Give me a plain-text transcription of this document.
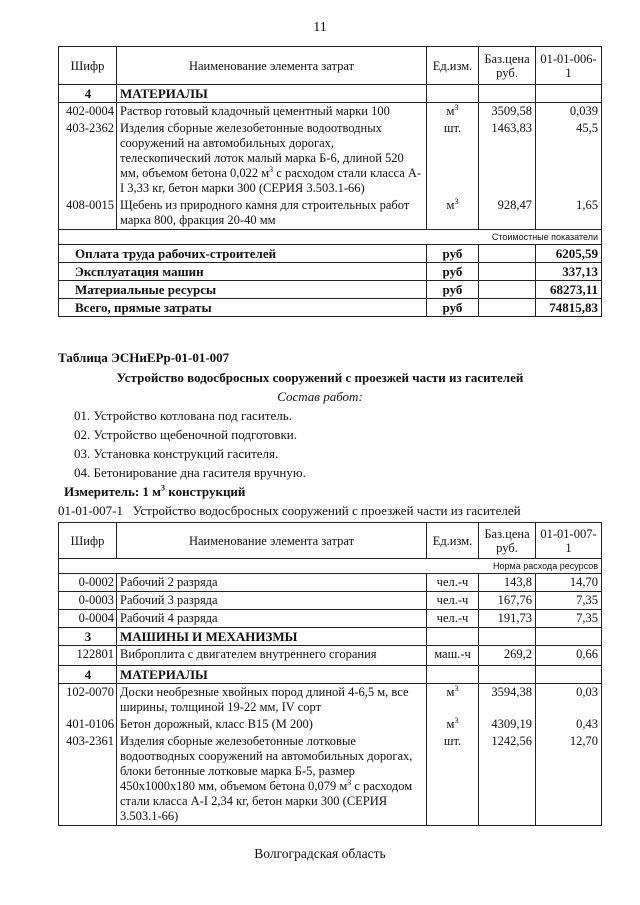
11
Шифр	Наименование элемента затрат	Ед.изм.	Баз.цена руб.	01-01-006-1
4	МАТЕРИАЛЫ			
402-0004	Раствор готовый кладочный цементный марки 100	$м^3$	3509,58	0,039
403-2362	Изделия сборные железобетонные водоотводных сооружений на автомобильных дорогах, телескопический лоток малый марка Б-6, длиной 520 мм, объемом бетона 0,022 $м^3$ с расходом стали класса А-I 3,33 кг, бетон марки 300 (СЕРИЯ 3.503.1-66)	шт.	1463,83	45,5
408-0015	Щебень из природного камня для строительных работ марка 800, фракция 20-40 мм	$м^3$	928,47	1,65
Стоимостные показатели				
Оплата труда рабочих-строителей		руб		6205,59
Эксплуатация машин		руб		337,13
Материальные ресурсы		руб		68273,11
Всего, прямые затраты		руб		74815,83
Таблица ЭСНиЕРр-01-01-007
Устройство водосбросных сооружений с проезжей части из гасителей
Состав работ:
01. Устройство котлована под гаситель.
02. Устройство щебеночной подготовки.
03. Установка конструкций гасителя.
04. Бетонирование дна гасителя вручную.
Измеритель: 1 $м^3$ конструкций
01-01-007-1   Устройство водосбросных сооружений с проезжей части из гасителей
Шифр	Наименование элемента затрат	Ед.изм.	Баз.цена руб.	01-01-007-1
Норма расхода ресурсов				
0-0002	Рабочий 2 разряда	чел.-ч	143,8	14,70
0-0003	Рабочий 3 разряда	чел.-ч	167,76	7,35
0-0004	Рабочий 4 разряда	чел.-ч	191,73	7,35
3	МАШИНЫ И МЕХАНИЗМЫ			
122801	Виброплита с двигателем внутреннего сгорания	маш.-ч	269,2	0,66
4	МАТЕРИАЛЫ			
102-0070	Доски необрезные хвойных пород длиной 4-6,5 м, все ширины, толщиной 19-22 мм, IV сорт	$м^3$	3594,38	0,03
401-0106	Бетон дорожный, класс В15 (М 200)	$м^3$	4309,19	0,43
403-2361	Изделия сборные железобетонные лотковые водоотводных сооружений на автомобильных дорогах, блоки бетонные лотковые марка Б-5, размер 450х1000х180 мм, объемом бетона 0,079 $м^3$ с расходом стали класса А-I 2,34 кг, бетон марки 300 (СЕРИЯ 3.503.1-66)	шт.	1242,56	12,70
Волгоградская область
